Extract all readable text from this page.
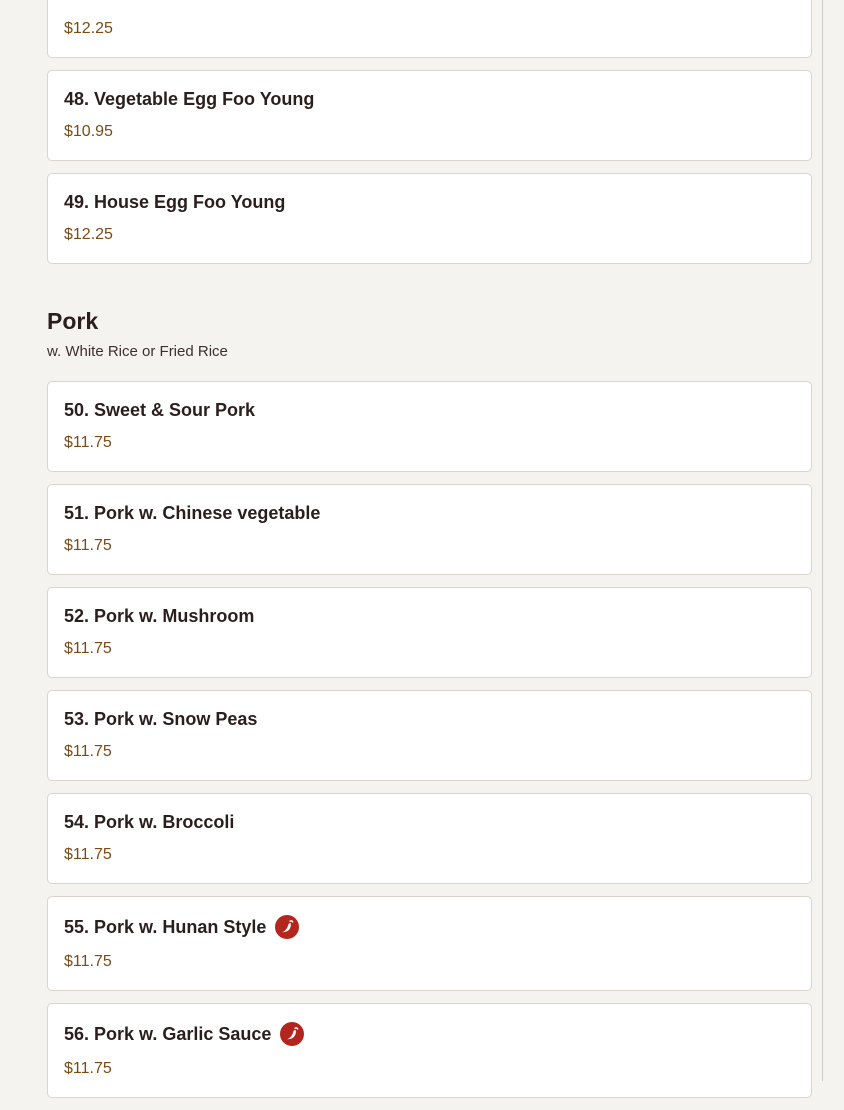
$12.25
48. Vegetable Egg Foo Young
$10.95
49. House Egg Foo Young
$12.25
Pork
w. White Rice or Fried Rice
50. Sweet & Sour Pork
$11.75
51. Pork w. Chinese vegetable
$11.75
52. Pork w. Mushroom
$11.75
53. Pork w. Snow Peas
$11.75
54. Pork w. Broccoli
$11.75
55. Pork w. Hunan Style
$11.75
56. Pork w. Garlic Sauce
$11.75
